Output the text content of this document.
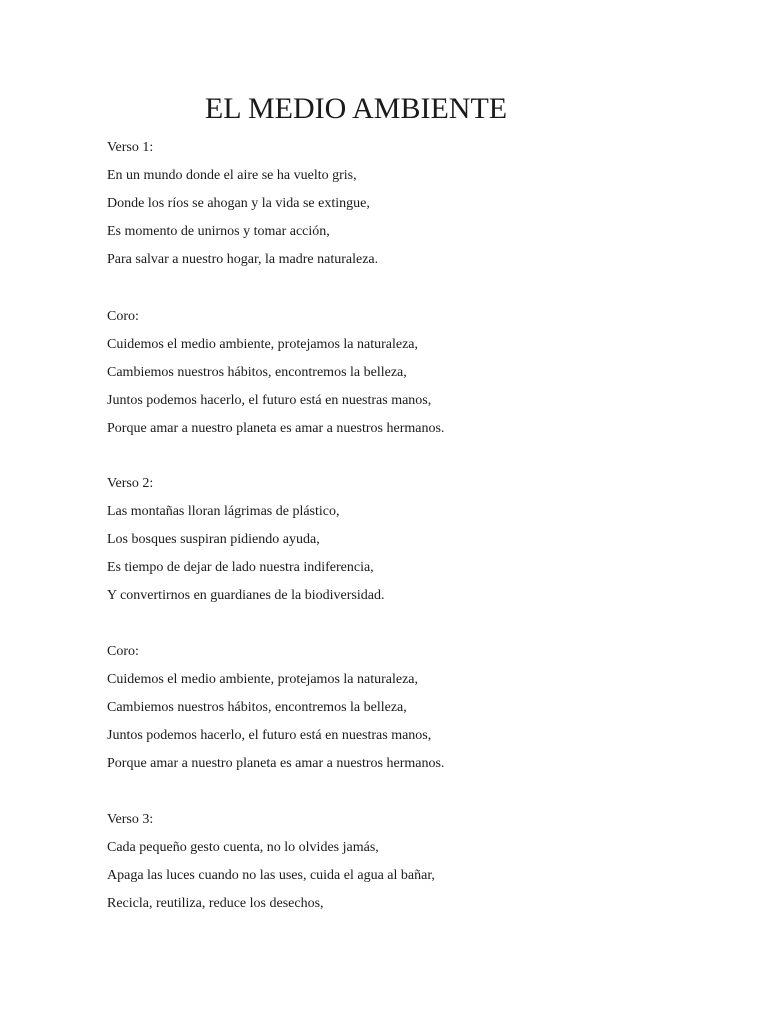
EL MEDIO AMBIENTE

Verso 1:

En un mundo donde el aire se ha vuelto gris,

Donde los ríos se ahogan y la vida se extingue,

Es momento de unirnos y tomar acción,

Para salvar a nuestro hogar, la madre naturaleza.

Coro:

Cuidemos el medio ambiente, protejamos la naturaleza,

Cambiemos nuestros hábitos, encontremos la belleza,

Juntos podemos hacerlo, el futuro está en nuestras manos,

Porque amar a nuestro planeta es amar a nuestros hermanos.

Verso 2:

Las montañas lloran lágrimas de plástico,

Los bosques suspiran pidiendo ayuda,

Es tiempo de dejar de lado nuestra indiferencia,

Y convertirnos en guardianes de la biodiversidad.

Coro:

Cuidemos el medio ambiente, protejamos la naturaleza,

Cambiemos nuestros hábitos, encontremos la belleza,

Juntos podemos hacerlo, el futuro está en nuestras manos,

Porque amar a nuestro planeta es amar a nuestros hermanos.

Verso 3:

Cada pequeño gesto cuenta, no lo olvides jamás,

Apaga las luces cuando no las uses, cuida el agua al bañar,

Recicla, reutiliza, reduce los desechos,
